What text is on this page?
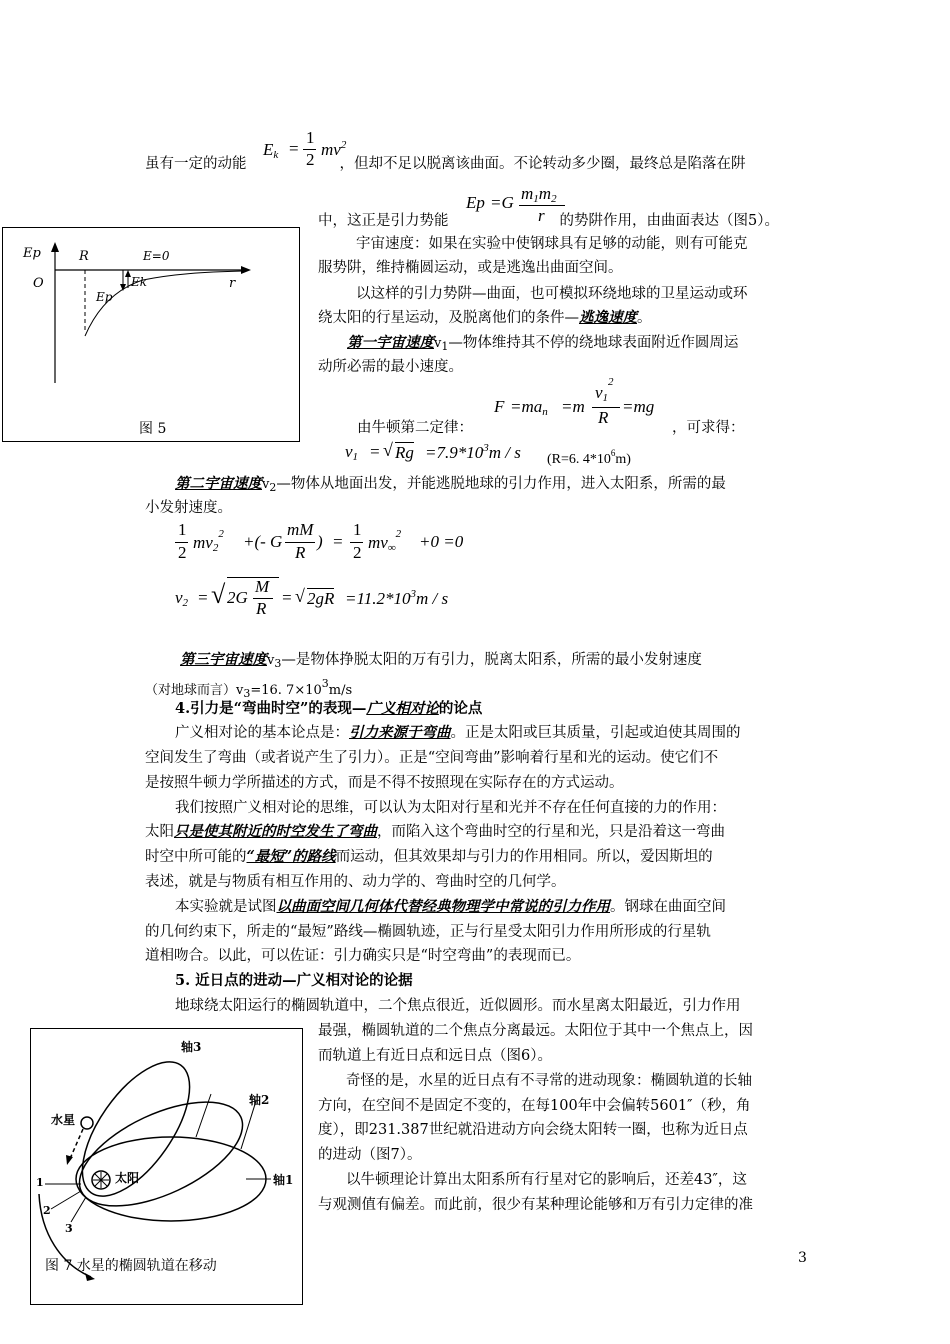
$E_k$ =
1
2
$mv^2$
虽有一定的动能	，但却不足以脱离该曲面。不论转动多少圈，最终总是陷落在阱
Ep =G $m_1m_2$
r
中，这正是引力势能	的势阱作用，由曲面表达（图5）。
Ep	R	E=0
O	Ek
Ep
r
图 5
宇宙速度：如果在实验中使钢球具有足够的动能，则有可能克
服势阱，维持椭圆运动，或是逃逸出曲面空间。
以这样的引力势阱—曲面，也可模拟环绕地球的卫星运动或环
绕太阳的行星运动，及脱离他们的条件—逃逸速度。
第一宇宙速度$v_1—$物体维持其不停的绕地球表面附近作圆周运
动所必需的最小速度。
由牛顿第二定律：
$F =ma_n =m$
$v_1^2$
R
=mg
，可求得：
$v_1$ = √ $Rg =7.9*10^3m / s$ (R=6. $4*10^6m$)
第二宇宙速度$v_2—$物体从地面出发，并能逃脱地球的引力作用，进入太阳系，所需的最
小发射速度。
1
2
$mv_2^2$ +(- G
mM
R
) =
1
2
$mv_\infty^2 +0 =0$
$v_2$ = √ 2G
M
R
= √ $2gR =11.2*10^3m / s$
第三宇宙速度$v_3—$是物体挣脱太阳的万有引力，脱离太阳系，所需的最小发射速度
（对地球而言）$v_3=16$. $7\times 10^3m/s$
4.引力是“弯曲时空”的表现—广义相对论的论点
广义相对论的基本论点是：引力来源于弯曲。正是太阳或巨其质量，引起或迫使其周围的
空间发生了弯曲（或者说产生了引力）。正是“空间弯曲”影响着行星和光的运动。使它们不
是按照牛顿力学所描述的方式，而是不得不按照现在实际存在的方式运动。
我们按照广义相对论的思维，可以认为太阳对行星和光并不存在任何直接的力的作用：
太阳只是使其附近的时空发生了弯曲，而陷入这个弯曲时空的行星和光，只是沿着这一弯曲
时空中所可能的“最短”的路线而运动，但其效果却与引力的作用相同。所以，爱因斯坦的
表述，就是与物质有相互作用的、动力学的、弯曲时空的几何学。
本实验就是试图以曲面空间几何体代替经典物理学中常说的引力作用。钢球在曲面空间
的几何约束下，所走的“最短”路线—椭圆轨迹，正与行星受太阳引力作用所形成的行星轨
道相吻合。以此，可以佐证：引力确实只是“时空弯曲”的表现而已。
5. 近日点的进动—广义相对论的论据
地球绕太阳运行的椭圆轨道中，二个焦点很近，近似圆形。而水星离太阳最近，引力作用
最强，椭圆轨道的二个焦点分离最远。太阳位于其中一个焦点上，因
而轨道上有近日点和远日点（图6）。
奇怪的是，水星的近日点有不寻常的进动现象：椭圆轨道的长轴
方向，在空间不是固定不变的，在每100年中会偏转5601″（秒，角
度），即231.387世纪就沿进动方向会绕太阳转一圈，也称为近日点
的进动（图7）。
以牛顿理论计算出太阳系所有行星对它的影响后，还差43″，这
与观测值有偏差。而此前，很少有某种理论能够和万有引力定律的准
轴3
轴2
轴1
水星
太阳
1
2
3
图 7 水星的椭圆轨道在移动	3
